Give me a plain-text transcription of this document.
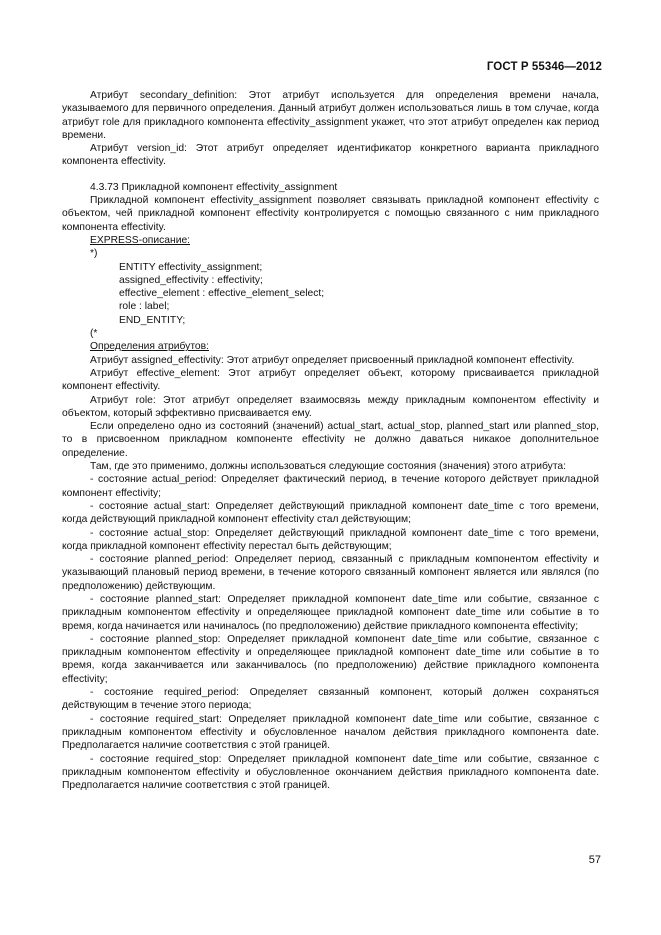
ГОСТ Р 55346—2012

Атрибут secondary_definition: Этот атрибут используется для определения времени начала, указываемого для первичного определения. Данный атрибут должен использоваться лишь в том случае, когда атрибут role для прикладного компонента effectivity_assignment укажет, что этот атрибут определен как период времени.

Атрибут version_id: Этот атрибут определяет идентификатор конкретного варианта прикладного компонента effectivity.

4.3.73 Прикладной компонент effectivity_assignment

Прикладной компонент effectivity_assignment позволяет связывать прикладной компонент effectivity с объектом, чей прикладной компонент effectivity контролируется с помощью связанного с ним прикладного компонента effectivity.

EXPRESS-описание:

*)

ENTITY effectivity_assignment;

assigned_effectivity : effectivity;

effective_element : effective_element_select;

role : label;

END_ENTITY;

(*

Определения атрибутов:

Атрибут assigned_effectivity: Этот атрибут определяет присвоенный прикладной компонент effectivity.

Атрибут effective_element: Этот атрибут определяет объект, которому присваивается прикладной компонент effectivity.

Атрибут role: Этот атрибут определяет взаимосвязь между прикладным компонентом effectivity и объектом, который эффективно присваивается ему.

Если определено одно из состояний (значений) actual_start, actual_stop, planned_start или planned_stop, то в присвоенном прикладном компоненте effectivity не должно даваться никакое дополнительное определение.

Там, где это применимо, должны использоваться следующие состояния (значения) этого атрибута:

- состояние actual_period: Определяет фактический период, в течение которого действует прикладной компонент effectivity;

- состояние actual_start: Определяет действующий прикладной компонент date_time с того времени, когда действующий прикладной компонент effectivity стал действующим;

- состояние actual_stop: Определяет действующий прикладной компонент date_time с того времени, когда прикладной компонент effectivity перестал быть действующим;

- состояние planned_period: Определяет период, связанный с прикладным компонентом effectivity и указывающий плановый период времени, в течение которого связанный компонент является или являлся (по предположению) действующим.

- состояние planned_start: Определяет прикладной компонент date_time или событие, связанное с прикладным компонентом effectivity и определяющее прикладной компонент date_time или событие в то время, когда начинается или начиналось (по предположению) действие прикладного компонента effectivity;

- состояние planned_stop: Определяет прикладной компонент date_time или событие, связанное с прикладным компонентом effectivity и определяющее прикладной компонент date_time или событие в то время, когда заканчивается или заканчивалось (по предположению) действие прикладного компонента effectivity;

- состояние required_period: Определяет связанный компонент, который должен сохраняться действующим в течение этого периода;

- состояние required_start: Определяет прикладной компонент date_time или событие, связанное с прикладным компонентом effectivity и обусловленное началом действия прикладного компонента date. Предполагается наличие соответствия с этой границей.

- состояние required_stop: Определяет прикладной компонент date_time или событие, связанное с прикладным компонентом effectivity и обусловленное окончанием действия прикладного компонента date. Предполагается наличие соответствия с этой границей.

57
